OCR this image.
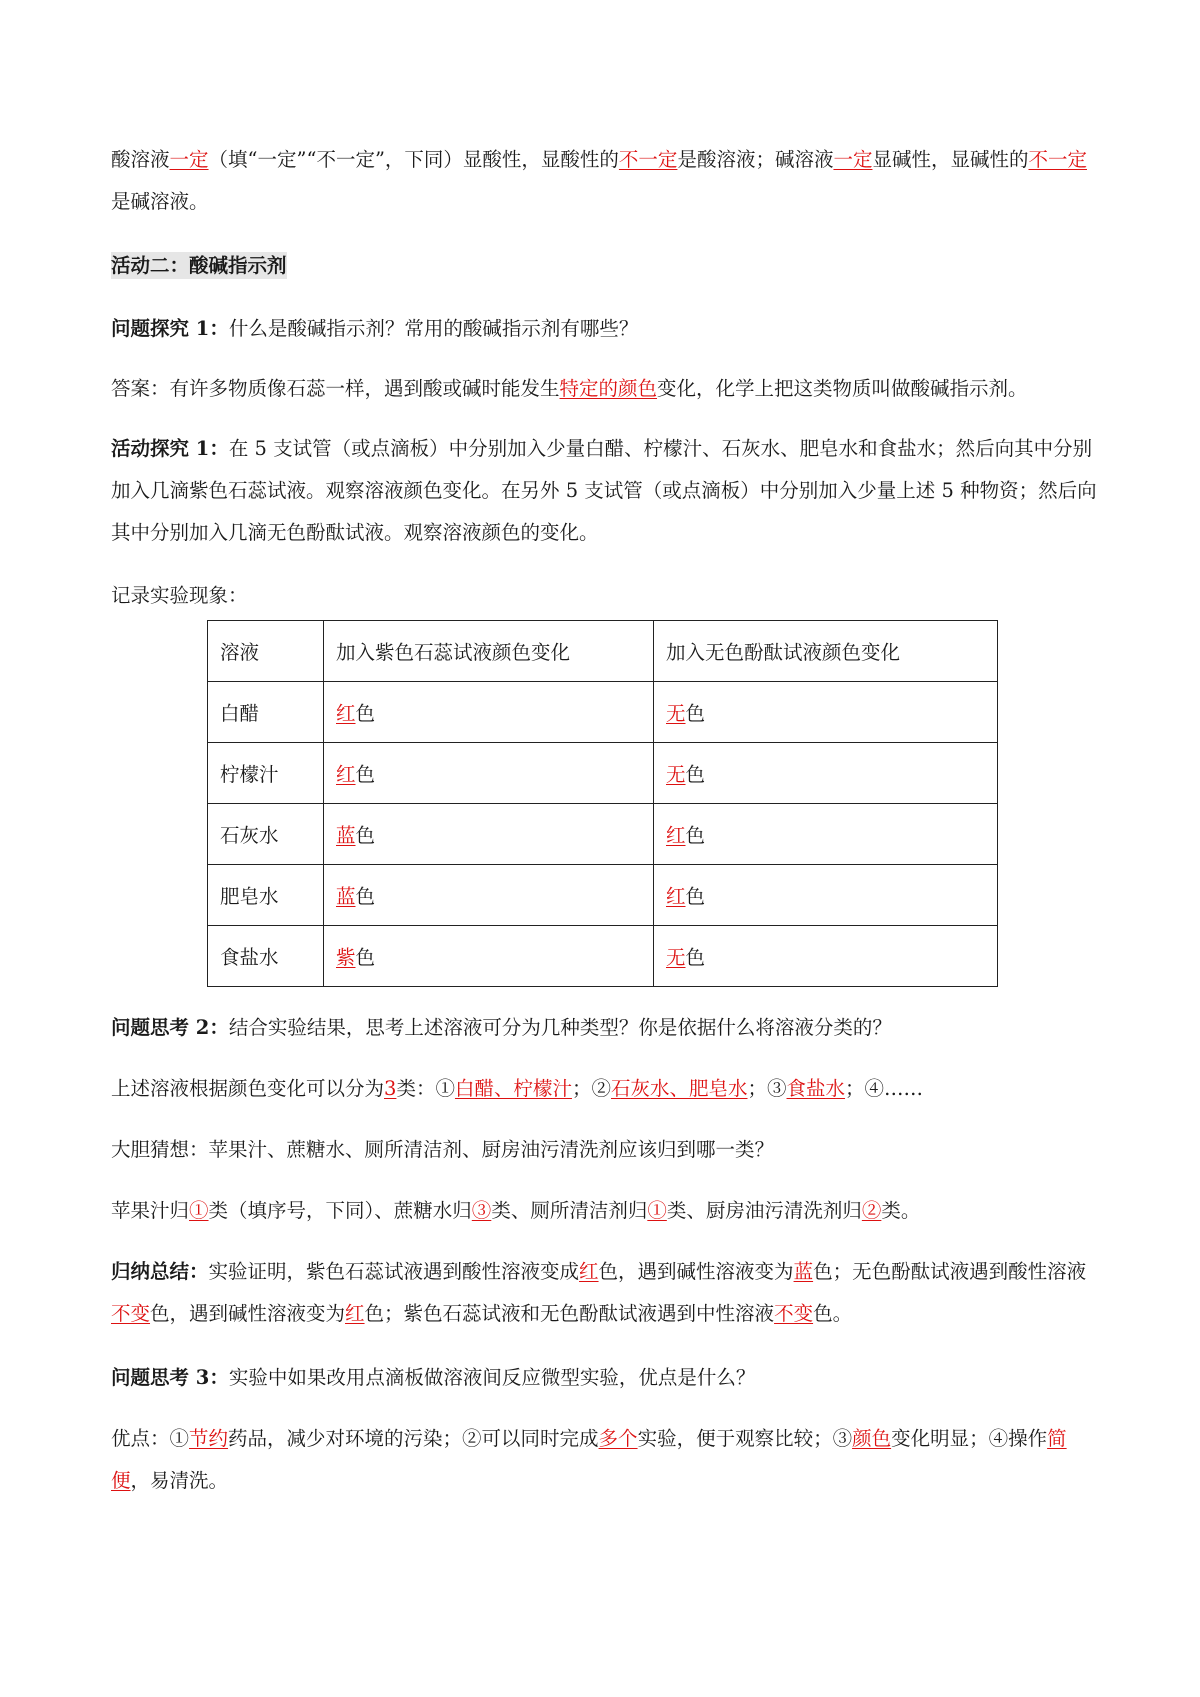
酸溶液一定（填“一定”“不一定”，下同）显酸性，显酸性的不一定是酸溶液；碱溶液一定显碱性，显碱性的不一定是碱溶液。

活动二：酸碱指示剂

问题探究 1：什么是酸碱指示剂？常用的酸碱指示剂有哪些？

答案：有许多物质像石蕊一样，遇到酸或碱时能发生特定的颜色变化，化学上把这类物质叫做酸碱指示剂。

活动探究 1：在 5 支试管（或点滴板）中分别加入少量白醋、柠檬汁、石灰水、肥皂水和食盐水；然后向其中分别加入几滴紫色石蕊试液。观察溶液颜色变化。在另外 5 支试管（或点滴板）中分别加入少量上述 5 种物资；然后向其中分别加入几滴无色酚酞试液。观察溶液颜色的变化。

记录实验现象：

溶液	加入紫色石蕊试液颜色变化	加入无色酚酞试液颜色变化
白醋	红色	无色
柠檬汁	红色	无色
石灰水	蓝色	红色
肥皂水	蓝色	红色
食盐水	紫色	无色

问题思考 2：结合实验结果，思考上述溶液可分为几种类型？你是依据什么将溶液分类的？

上述溶液根据颜色变化可以分为3类：①白醋、柠檬汁；②石灰水、肥皂水；③食盐水；④……

大胆猜想：苹果汁、蔗糖水、厕所清洁剂、厨房油污清洗剂应该归到哪一类？

苹果汁归①类（填序号，下同）、蔗糖水归③类、厕所清洁剂归①类、厨房油污清洗剂归②类。

归纳总结：实验证明，紫色石蕊试液遇到酸性溶液变成红色，遇到碱性溶液变为蓝色；无色酚酞试液遇到酸性溶液不变色，遇到碱性溶液变为红色；紫色石蕊试液和无色酚酞试液遇到中性溶液不变色。

问题思考 3：实验中如果改用点滴板做溶液间反应微型实验，优点是什么？

优点：①节约药品，减少对环境的污染；②可以同时完成多个实验，便于观察比较；③颜色变化明显；④操作简便，易清洗。
